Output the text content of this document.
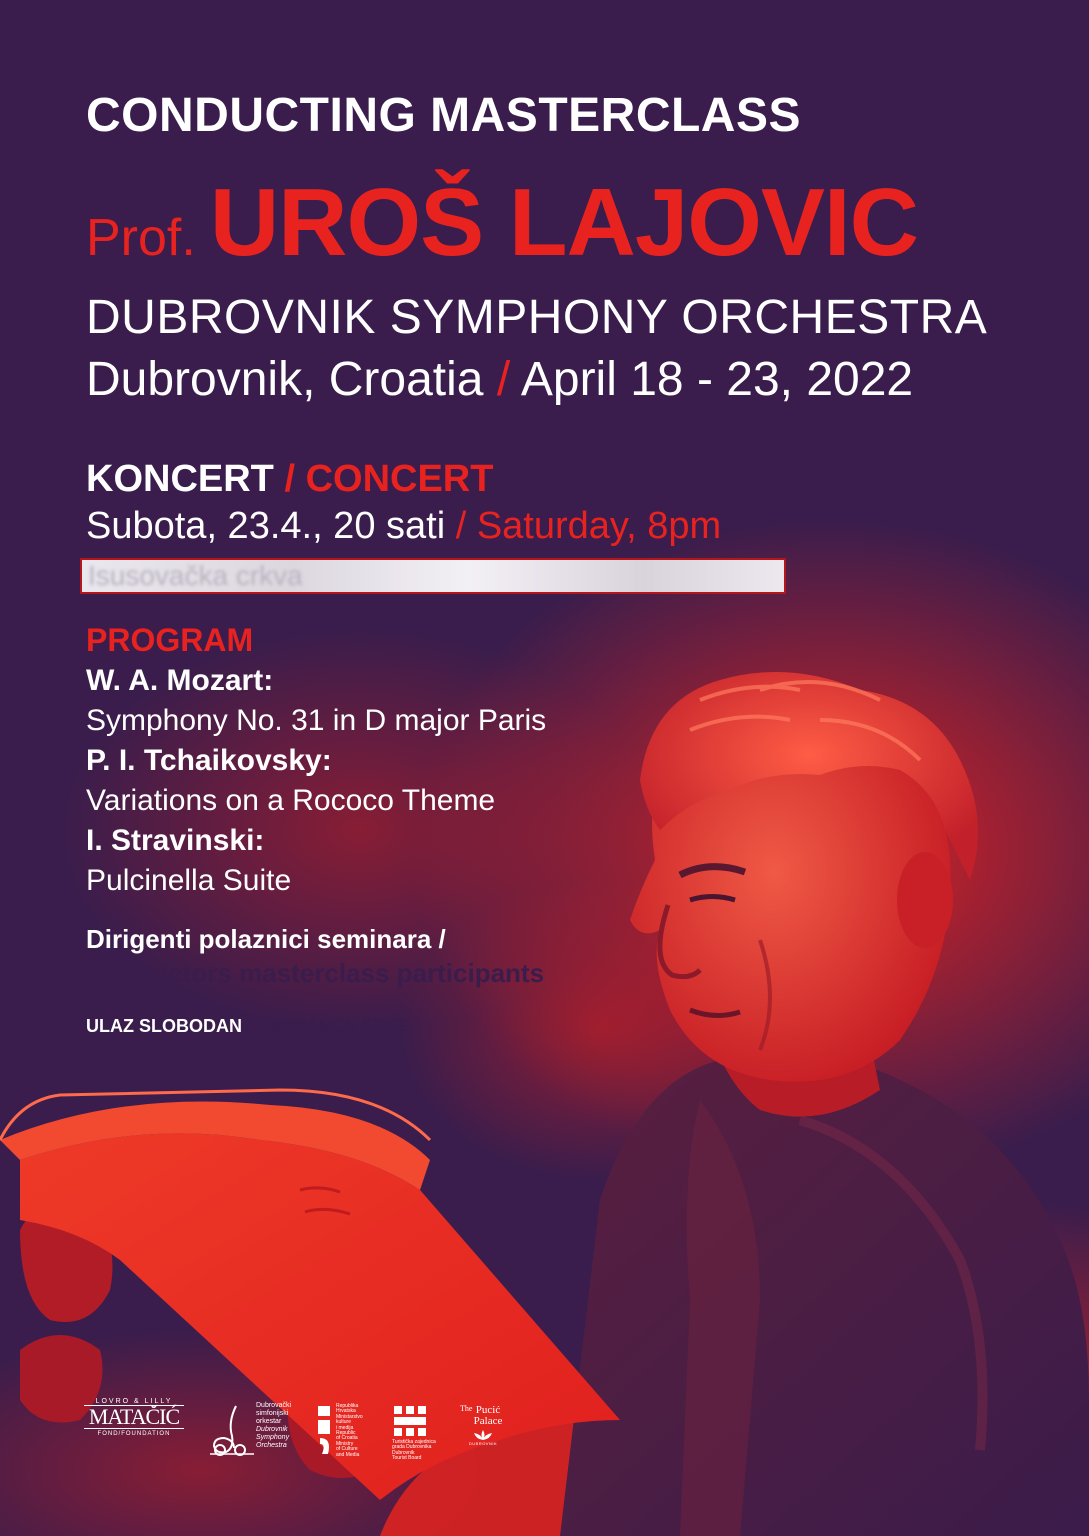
CONDUCTING MASTERCLASS
Prof. UROŠ LAJOVIC
DUBROVNIK SYMPHONY ORCHESTRA
Dubrovnik, Croatia / April 18 - 23, 2022
KONCERT / CONCERT
Subota, 23.4., 20 sati / Saturday, 8pm
Isusovačka crkva
PROGRAM
W. A. Mozart:
Symphony No. 31 in D major Paris
P. I. Tchaikovsky:
Variations on a Rococo Theme
I. Stravinski:
Pulcinella Suite
Dirigenti polaznici seminara /
Conductors masterclass participants
ULAZ SLOBODAN / ENTRANCE FREE
LOVRO & LILLY
MATAČIĆ
FOND/FOUNDATION
Dubrovački
simfonijski
orkestar
Dubrovnik
Symphony
Orchestra
Republika
Hrvatska
Ministarstvo
kulture
i medija
Republic
of Croatia
Ministry
of Culture
and Media
Turistička zajednica
grada Dubrovnika
Dubrovnik
Tourist Board
The Pucić
Palace
DUBROVNIK
